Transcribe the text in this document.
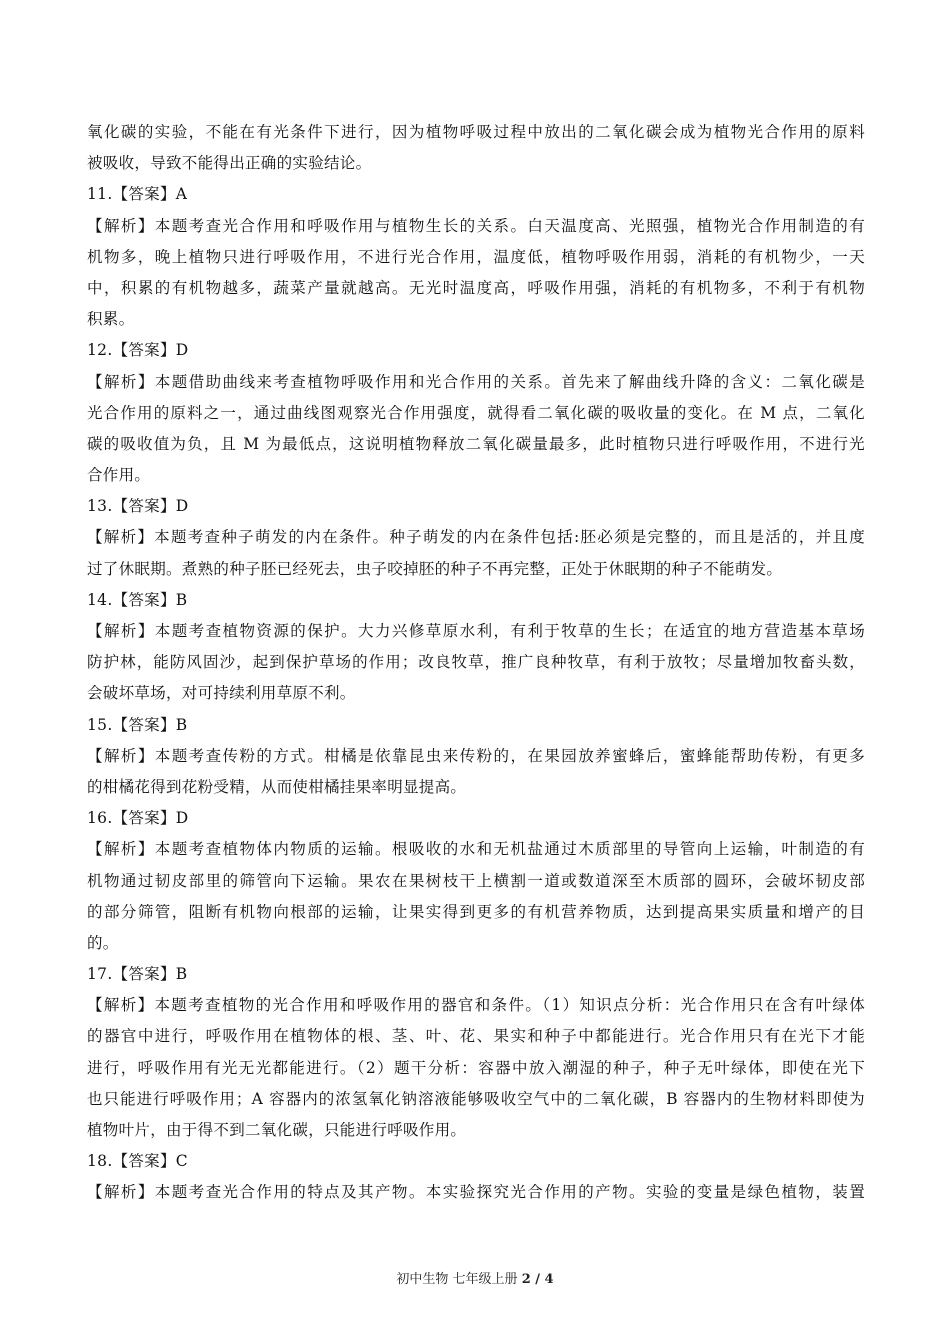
氧化碳的实验，不能在有光条件下进行，因为植物呼吸过程中放出的二氧化碳会成为植物光合作用的原料
被吸收，导致不能得出正确的实验结论。
11.【答案】A
【解析】本题考查光合作用和呼吸作用与植物生长的关系。白天温度高、光照强，植物光合作用制造的有
机物多，晚上植物只进行呼吸作用，不进行光合作用，温度低，植物呼吸作用弱，消耗的有机物少，一天
中，积累的有机物越多，蔬菜产量就越高。无光时温度高，呼吸作用强，消耗的有机物多，不利于有机物
积累。
12.【答案】D
【解析】本题借助曲线来考查植物呼吸作用和光合作用的关系。首先来了解曲线升降的含义：二氧化碳是
光合作用的原料之一，通过曲线图观察光合作用强度，就得看二氧化碳的吸收量的变化。在 M 点，二氧化
碳的吸收值为负，且 M 为最低点，这说明植物释放二氧化碳量最多，此时植物只进行呼吸作用，不进行光
合作用。
13.【答案】D
【解析】本题考查种子萌发的内在条件。种子萌发的内在条件包括:胚必须是完整的，而且是活的，并且度
过了休眠期。煮熟的种子胚已经死去，虫子咬掉胚的种子不再完整，正处于休眠期的种子不能萌发。
14.【答案】B
【解析】本题考查植物资源的保护。大力兴修草原水利，有利于牧草的生长；在适宜的地方营造基本草场
防护林，能防风固沙，起到保护草场的作用；改良牧草，推广良种牧草，有利于放牧；尽量增加牧畜头数，
会破坏草场，对可持续利用草原不利。
15.【答案】B
【解析】本题考查传粉的方式。柑橘是依靠昆虫来传粉的，在果园放养蜜蜂后，蜜蜂能帮助传粉，有更多
的柑橘花得到花粉受精，从而使柑橘挂果率明显提高。
16.【答案】D
【解析】本题考查植物体内物质的运输。根吸收的水和无机盐通过木质部里的导管向上运输，叶制造的有
机物通过韧皮部里的筛管向下运输。果农在果树枝干上横割一道或数道深至木质部的圆环，会破坏韧皮部
的部分筛管，阻断有机物向根部的运输，让果实得到更多的有机营养物质，达到提高果实质量和增产的目
的。
17.【答案】B
【解析】本题考查植物的光合作用和呼吸作用的器官和条件。（1）知识点分析：光合作用只在含有叶绿体
的器官中进行，呼吸作用在植物体的根、茎、叶、花、果实和种子中都能进行。光合作用只有在光下才能
进行，呼吸作用有光无光都能进行。（2）题干分析：容器中放入潮湿的种子，种子无叶绿体，即使在光下
也只能进行呼吸作用；A 容器内的浓氢氧化钠溶液能够吸收空气中的二氧化碳，B 容器内的生物材料即使为
植物叶片，由于得不到二氧化碳，只能进行呼吸作用。
18.【答案】C
【解析】本题考查光合作用的特点及其产物。本实验探究光合作用的产物。实验的变量是绿色植物，装置
初中生物 七年级上册 2 / 4
